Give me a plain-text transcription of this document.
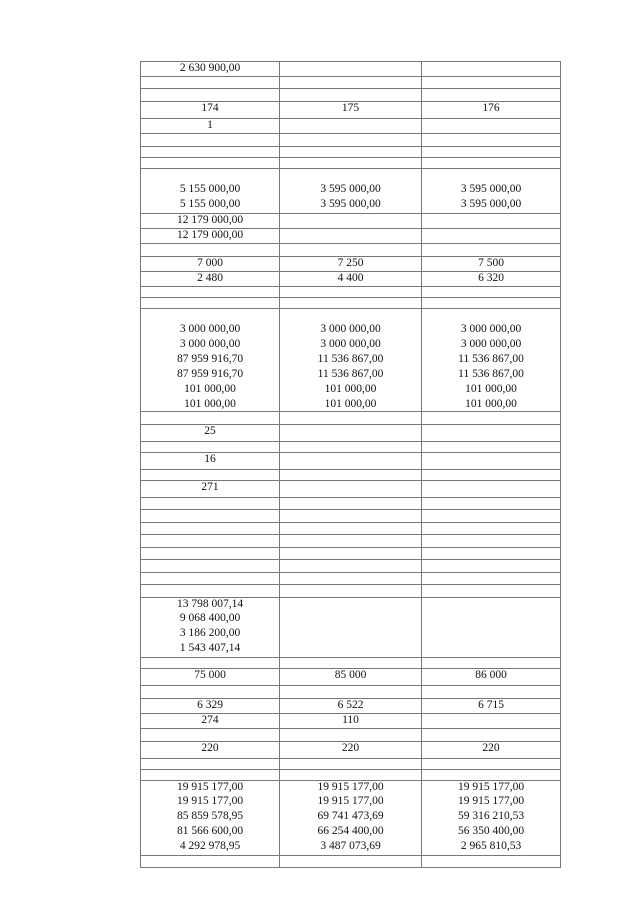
2 630 900,00
174	175	176
1
5 155 000,00	3 595 000,00	3 595 000,00
5 155 000,00	3 595 000,00	3 595 000,00
12 179 000,00
12 179 000,00
7 000	7 250	7 500
2 480	4 400	6 320
3 000 000,00	3 000 000,00	3 000 000,00
3 000 000,00	3 000 000,00	3 000 000,00
87 959 916,70	11 536 867,00	11 536 867,00
87 959 916,70	11 536 867,00	11 536 867,00
101 000,00	101 000,00	101 000,00
101 000,00	101 000,00	101 000,00
25
16
271
13 798 007,14
9 068 400,00
3 186 200,00
1 543 407,14
75 000	85 000	86 000
6 329	6 522	6 715
274	110
220	220	220
19 915 177,00	19 915 177,00	19 915 177,00
19 915 177,00	19 915 177,00	19 915 177,00
85 859 578,95	69 741 473,69	59 316 210,53
81 566 600,00	66 254 400,00	56 350 400,00
4 292 978,95	3 487 073,69	2 965 810,53
